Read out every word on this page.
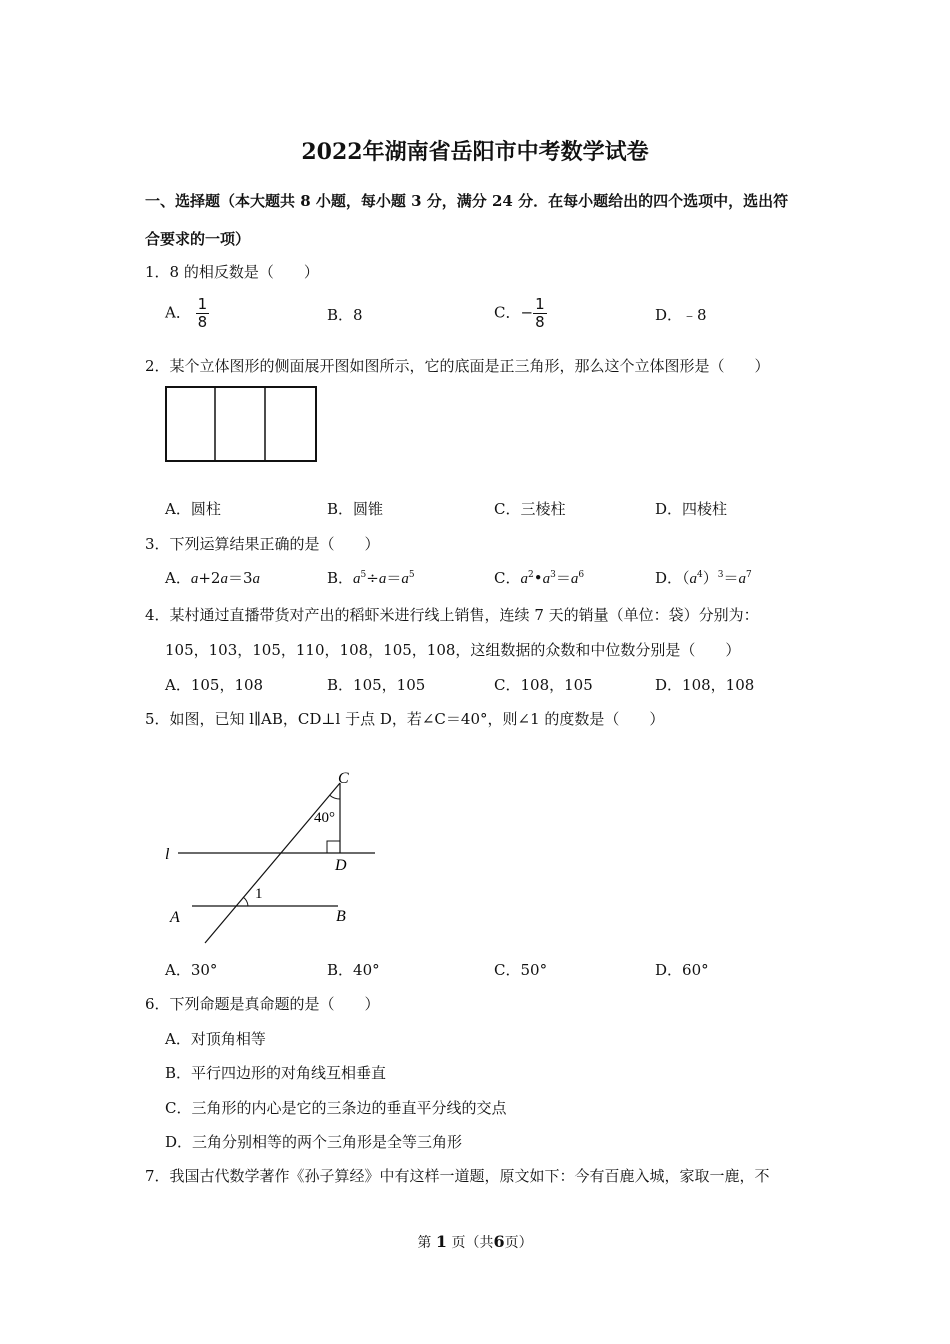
2022年湖南省岳阳市中考数学试卷
一、选择题（本大题共 8 小题，每小题 3 分，满分 24 分．在每小题给出的四个选项中，选出符
合要求的一项）
1．8 的相反数是（　　）
A． $\frac{1}{8}$	B．8	C．− $\frac{1}{8}$	D．﹣8
2．某个立体图形的侧面展开图如图所示，它的底面是正三角形，那么这个立体图形是（　　）
A．圆柱	B．圆锥	C．三棱柱	D．四棱柱
3．下列运算结果正确的是（　　）
A．a+2a＝3a	B．$a^5\div a=a^5$	C．$a^2•a^3=a^6$	D．$(a^4)^3=a^7$
4．某村通过直播带货对产出的稻虾米进行线上销售，连续 7 天的销量（单位：袋）分别为：
105，103，105，110，108，105，108，这组数据的众数和中位数分别是（　　）
A．105，108	B．105，105	C．108，105	D．108，108
5．如图，已知 l∥AB，CD⊥l 于点 D，若∠C＝40°，则∠1 的度数是（　　）
C
40°
l
D
1
A	B
A．30°	B．40°	C．50°	D．60°
6．下列命题是真命题的是（　　）
A．对顶角相等
B．平行四边形的对角线互相垂直
C．三角形的内心是它的三条边的垂直平分线的交点
D．三角分别相等的两个三角形是全等三角形
7．我国古代数学著作《孙子算经》中有这样一道题，原文如下：今有百鹿入城，家取一鹿，不
第 1 页（共6页）
